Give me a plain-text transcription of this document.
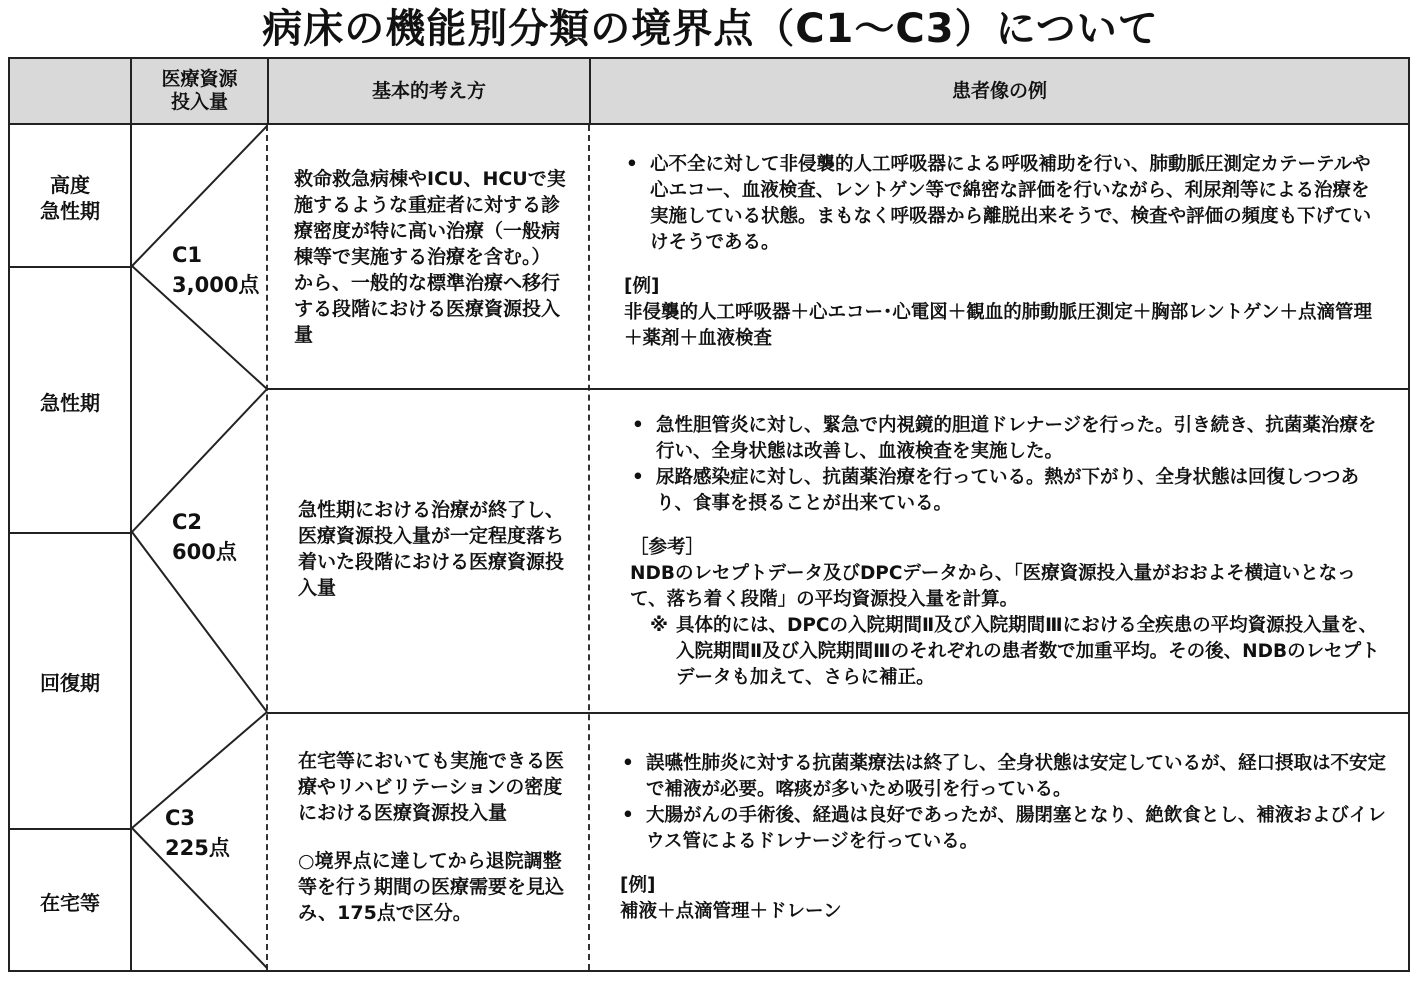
病床の機能別分類の境界点（C1～C3）について
医療資源
投入量
基本的考え方	患者像の例
高度
急性期
急性期
回復期
在宅等
C1
3,000点
C2
600点
C3
225点
救命救急病棟やICU、HCUで実施するような重症者に対する診療密度が特に高い治療（一般病棟等で実施する治療を含む。）から、一般的な標準治療へ移行する段階における医療資源投入量
急性期における治療が終了し、医療資源投入量が一定程度落ち着いた段階における医療資源投入量
在宅等においても実施できる医療やリハビリテーションの密度における医療資源投入量
○境界点に達してから退院調整等を行う期間の医療需要を見込み、175点で区分。
• 心不全に対して非侵襲的人工呼吸器による呼吸補助を行い、肺動脈圧測定カテーテルや心エコー、血液検査、レントゲン等で綿密な評価を行いながら、利尿剤等による治療を実施している状態。まもなく呼吸器から離脱出来そうで、検査や評価の頻度も下げていけそうである。
[例]
非侵襲的人工呼吸器＋心エコー･心電図＋観血的肺動脈圧測定＋胸部レントゲン＋点滴管理＋薬剤＋血液検査
• 急性胆管炎に対し、緊急で内視鏡的胆道ドレナージを行った。引き続き、抗菌薬治療を行い、全身状態は改善し、血液検査を実施した。
• 尿路感染症に対し、抗菌薬治療を行っている。熱が下がり、全身状態は回復しつつあり、食事を摂ることが出来ている。
［参考］
NDBのレセプトデータ及びDPCデータから、「医療資源投入量がおおよそ横這いとなって、落ち着く段階」の平均資源投入量を計算。
※ 具体的には、DPCの入院期間Ⅱ及び入院期間Ⅲにおける全疾患の平均資源投入量を、入院期間Ⅱ及び入院期間Ⅲのそれぞれの患者数で加重平均。その後、NDBのレセプトデータも加えて、さらに補正。
• 誤嚥性肺炎に対する抗菌薬療法は終了し、全身状態は安定しているが、経口摂取は不安定で補液が必要。喀痰が多いため吸引を行っている。
• 大腸がんの手術後、経過は良好であったが、腸閉塞となり、絶飲食とし、補液およびイレウス管によるドレナージを行っている。
[例]
補液＋点滴管理＋ドレーン
